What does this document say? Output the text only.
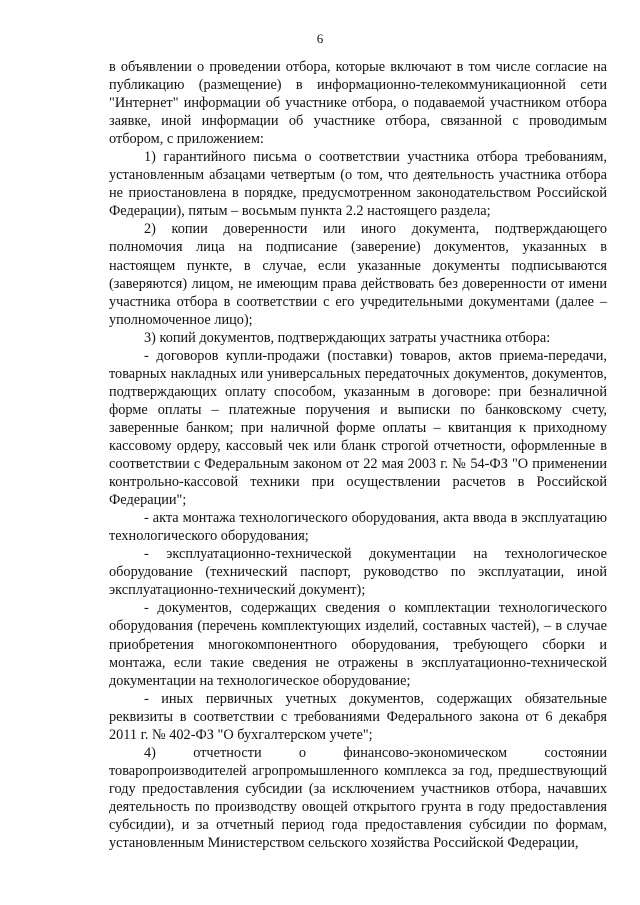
6

в объявлении о проведении отбора, которые включают в том числе согласие на публикацию (размещение) в информационно-телекоммуникационной сети "Интернет" информации об участнике отбора, о подаваемой участником отбора заявке, иной информации об участнике отбора, связанной с проводимым отбором, с приложением:

1) гарантийного письма о соответствии участника отбора требованиям, установленным абзацами четвертым (о том, что деятельность участника отбора не приостановлена в порядке, предусмотренном законодательством Российской Федерации), пятым – восьмым пункта 2.2 настоящего раздела;

2) копии доверенности или иного документа, подтверждающего полномочия лица на подписание (заверение) документов, указанных в настоящем пункте, в случае, если указанные документы подписываются (заверяются) лицом, не имеющим права действовать без доверенности от имени участника отбора в соответствии с его учредительными документами (далее – уполномоченное лицо);

3) копий документов, подтверждающих затраты участника отбора:

- договоров купли-продажи (поставки) товаров, актов приема-передачи, товарных накладных или универсальных передаточных документов, документов, подтверждающих оплату способом, указанным в договоре: при безналичной форме оплаты – платежные поручения и выписки по банковскому счету, заверенные банком; при наличной форме оплаты – квитанция к приходному кассовому ордеру, кассовый чек или бланк строгой отчетности, оформленные в соответствии с Федеральным законом от 22 мая 2003 г. № 54-ФЗ "О применении контрольно-кассовой техники при осуществлении расчетов в Российской Федерации";

- акта монтажа технологического оборудования, акта ввода в эксплуатацию технологического оборудования;

- эксплуатационно-технической документации на технологическое оборудование (технический паспорт, руководство по эксплуатации, иной эксплуатационно-технический документ);

- документов, содержащих сведения о комплектации технологического оборудования (перечень комплектующих изделий, составных частей), – в случае приобретения многокомпонентного оборудования, требующего сборки и монтажа, если такие сведения не отражены в эксплуатационно-технической документации на технологическое оборудование;

- иных первичных учетных документов, содержащих обязательные реквизиты в соответствии с требованиями Федерального закона от 6 декабря 2011 г. № 402-ФЗ "О бухгалтерском учете";

4) отчетности о финансово-экономическом состоянии товаропроизводителей агропромышленного комплекса за год, предшествующий году предоставления субсидии (за исключением участников отбора, начавших деятельность по производству овощей открытого грунта в году предоставления субсидии), и за отчетный период года предоставления субсидии по формам, установленным Министерством сельского хозяйства Российской Федерации,
